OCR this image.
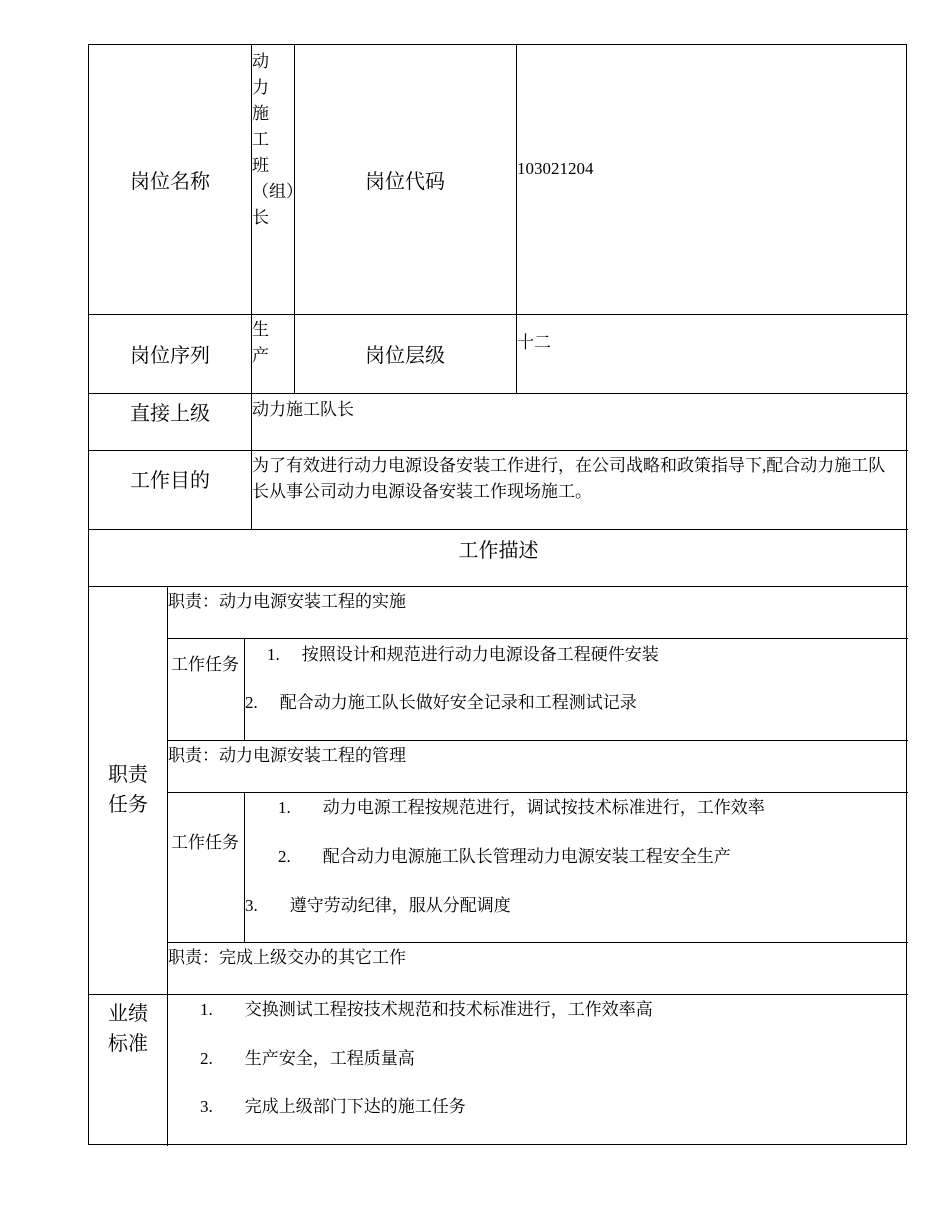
岗位名称
动力施工班（组）长
岗位代码
103021204
岗位序列
生产	岗位层级
十二
直接上级	动力施工队长
工作目的
为了有效进行动力电源设备安装工作进行，在公司战略和政策指导下,配合动力施工队长从事公司动力电源设备安装工作现场施工。
工作描述
职责任务
职责：动力电源安装工程的实施
工作任务
1. 按照设计和规范进行动力电源设备工程硬件安装
2. 配合动力施工队长做好安全记录和工程测试记录
职责：动力电源安装工程的管理
工作任务
1. 动力电源工程按规范进行，调试按技术标准进行，工作效率
2. 配合动力电源施工队长管理动力电源安装工程安全生产
3. 遵守劳动纪律，服从分配调度
职责：完成上级交办的其它工作
业绩标准
1. 交换测试工程按技术规范和技术标准进行，工作效率高
2. 生产安全，工程质量高
3. 完成上级部门下达的施工任务
